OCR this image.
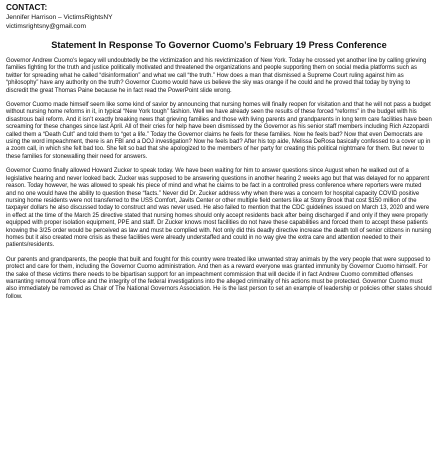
CONTACT:

Jennifer Harrison – VictimsRightsNY

victimsrightsny@gmail.com

Statement In Response To Governor Cuomo’s February 19 Press Conference

Governor Andrew Cuomo’s legacy will undoubtedly be the victimization and his revictimization of New York. Today he crossed yet another line by calling grieving families fighting for the truth and justice politically motivated and threatened the organizations and people supporting them on social media platforms such as twitter for spreading what he called “disinformation” and what we call “the truth.” How does a man that dismissed a Supreme Court ruling against him as “philosophy” have any authority on the truth? Governor Cuomo would have us believe the sky was orange if he could and he proved that today by trying to discredit the great Thomas Paine because he in fact read the PowerPoint slide wrong.

Governor Cuomo made himself seem like some kind of savior by announcing that nursing homes will finally reopen for visitation and that he will not pass a budget without nursing home reforms in it, in typical “New York tough” fashion. Well we have already seen the results of these forced “reforms” in the budget with his disastrous bail reform. And it isn’t exactly breaking news that grieving families and those with living parents and grandparents in long term care facilities have been screaming for these changes since last April. All of their cries for help have been dismissed by the Governor as his senior staff members including Rich Azzopardi called them a “Death Cult” and told them to “get a life.” Today the Governor claims he feels for these families. Now he feels bad? Now that even Democrats are using the word impeachment, there is an FBI and a DOJ investigation? Now he feels bad? After his top aide, Melissa DeRosa basically confessed to a cover up in a zoom call, in which she felt bad too. She felt so bad that she apologized to the members of her party for creating this political nightmare for them. But never to these families for stonewalling their need for answers.

Governor Cuomo finally allowed Howard Zucker to speak today. We have been waiting for him to answer questions since August when he walked out of a legislative hearing and never looked back. Zucker was supposed to be answering questions in another hearing 2 weeks ago but that was delayed for no apparent reason. Today however, he was allowed to speak his piece of mind and what he claims to be fact in a controlled press conference where reporters were muted and no one would have the ability to question these “facts.” Never did Dr. Zucker address why when there was a concern for hospital capacity COVID positive nursing home residents were not transferred to the USS Comfort, Javits Center or other multiple field centers like at Stony Brook that cost $150 million of the taxpayer dollars he also discussed today to construct and was never used. He also failed to mention that the CDC guidelines issued on March 13, 2020 and were in effect at the time of the March 25 directive stated that nursing homes should only accept residents back after being discharged if and only if they were properly equipped with proper isolation equipment, PPE and staff. Dr Zucker knows most facilities do not have these capabilities and forced them to accept these patients knowing the 3/25 order would be perceived as law and must be complied with. Not only did this deadly directive increase the death toll of senior citizens in nursing homes but it also created more crisis as these facilities were already understaffed and could in no way give the extra care and attention needed to their patients/residents.

Our parents and grandparents, the people that built and fought for this country were treated like unwanted stray animals by the very people that were supposed to protect and care for them, including the Governor Cuomo administration. And then as a reward everyone was granted immunity by Governor Cuomo himself. For the sake of these victims there needs to be bipartisan support for an impeachment commission that will decide if in fact Andrew Cuomo committed offenses warranting removal from office and the integrity of the federal investigations into the alleged criminality of his actions must be protected. Governor Cuomo must also immediately be removed as Chair of The National Governors Association. He is the last person to set an example of leadership or policies other states should follow.
